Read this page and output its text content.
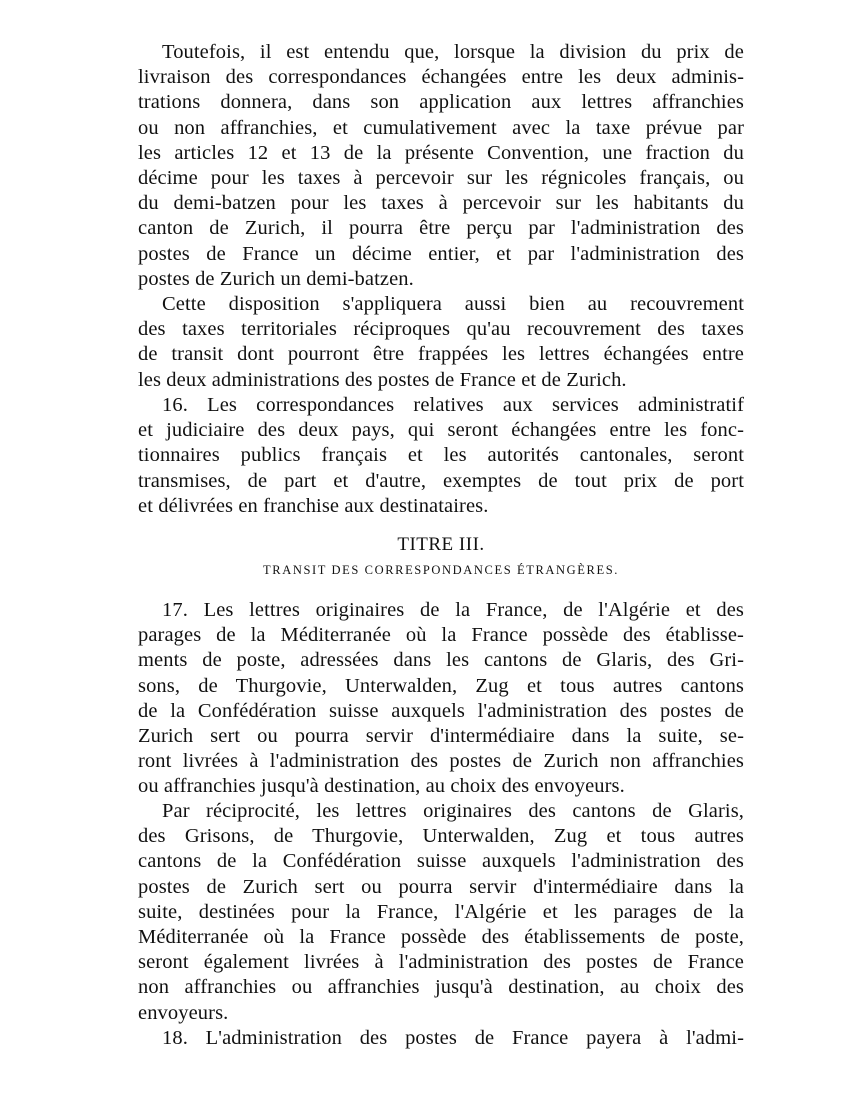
Toutefois, il est entendu que, lorsque la division du prix de
livraison des correspondances échangées entre les deux adminis-
trations donnera, dans son application aux lettres affranchies
ou non affranchies, et cumulativement avec la taxe prévue par
les articles 12 et 13 de la présente Convention, une fraction du
décime pour les taxes à percevoir sur les régnicoles français, ou
du demi-batzen pour les taxes à percevoir sur les habitants du
canton de Zurich, il pourra être perçu par l'administration des
postes de France un décime entier, et par l'administration des
postes de Zurich un demi-batzen.
Cette disposition s'appliquera aussi bien au recouvrement
des taxes territoriales réciproques qu'au recouvrement des taxes
de transit dont pourront être frappées les lettres échangées entre
les deux administrations des postes de France et de Zurich.
16. Les correspondances relatives aux services administratif
et judiciaire des deux pays, qui seront échangées entre les fonc-
tionnaires publics français et les autorités cantonales, seront
transmises, de part et d'autre, exemptes de tout prix de port
et délivrées en franchise aux destinataires.
TITRE III.
TRANSIT DES CORRESPONDANCES ÉTRANGÈRES.
17. Les lettres originaires de la France, de l'Algérie et des
parages de la Méditerranée où la France possède des établisse-
ments de poste, adressées dans les cantons de Glaris, des Gri-
sons, de Thurgovie, Unterwalden, Zug et tous autres cantons
de la Confédération suisse auxquels l'administration des postes de
Zurich sert ou pourra servir d'intermédiaire dans la suite, se-
ront livrées à l'administration des postes de Zurich non affranchies
ou affranchies jusqu'à destination, au choix des envoyeurs.
Par réciprocité, les lettres originaires des cantons de Glaris,
des Grisons, de Thurgovie, Unterwalden, Zug et tous autres
cantons de la Confédération suisse auxquels l'administration des
postes de Zurich sert ou pourra servir d'intermédiaire dans la
suite, destinées pour la France, l'Algérie et les parages de la
Méditerranée où la France possède des établissements de poste,
seront également livrées à l'administration des postes de France
non affranchies ou affranchies jusqu'à destination, au choix des
envoyeurs.
18. L'administration des postes de France payera à l'admi-
